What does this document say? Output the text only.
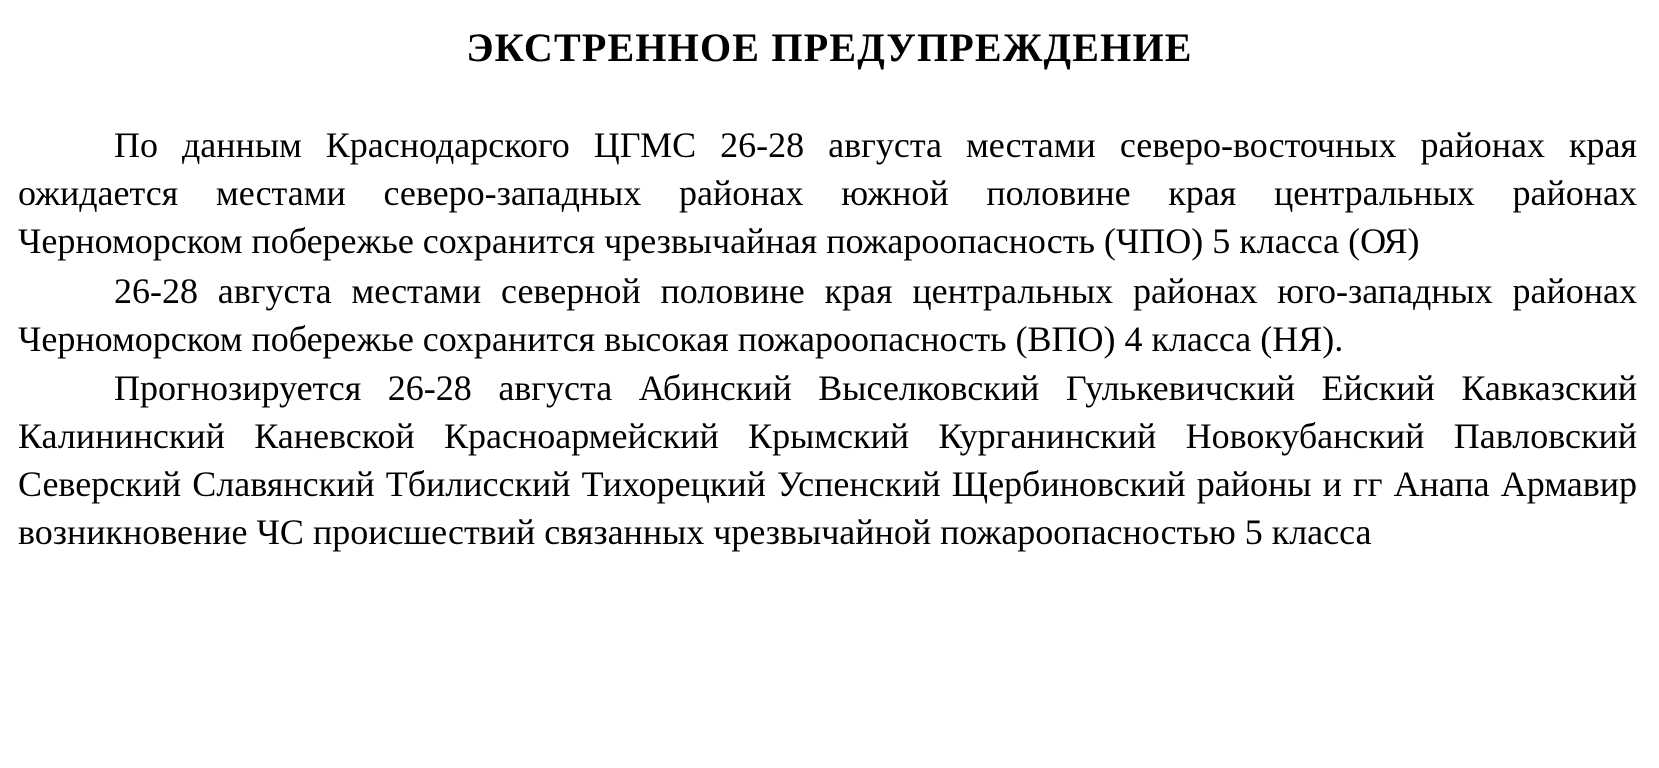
ЭКСТРЕННОЕ ПРЕДУПРЕЖДЕНИЕ

По данным Краснодарского ЦГМС 26-28 августа местами северо-восточных районах края ожидается местами северо-западных районах южной половине края центральных районах Черноморском побережье сохранится чрезвычайная пожароопасность (ЧПО) 5 класса (ОЯ)

26-28 августа местами северной половине края центральных районах юго-западных районах Черноморском побережье сохранится высокая пожароопасность (ВПО) 4 класса (НЯ).

Прогнозируется 26-28 августа Абинский Выселковский Гулькевичский Ейский Кавказский Калининский Каневской Красноармейский Крымский Курганинский Новокубанский Павловский Северский Славянский Тбилисский Тихорецкий Успенский Щербиновский районы и гг Анапа Армавир возникновение ЧС происшествий связанных чрезвычайной пожароопасностью 5 класса
